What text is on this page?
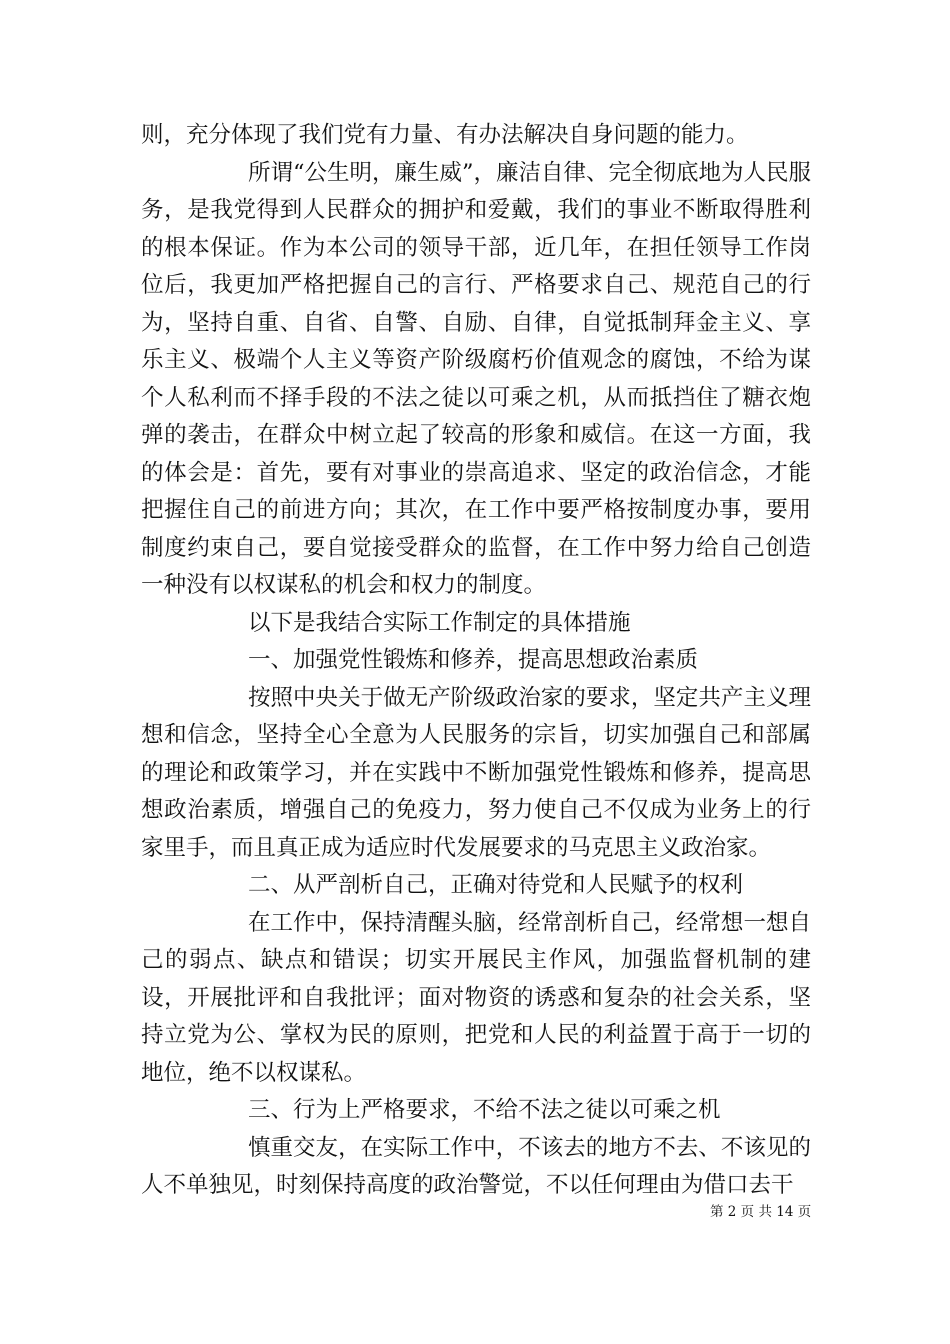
则，充分体现了我们党有力量、有办法解决自身问题的能力。

所谓“公生明，廉生威”，廉洁自律、完全彻底地为人民服务，是我党得到人民群众的拥护和爱戴，我们的事业不断取得胜利的根本保证。作为本公司的领导干部，近几年，在担任领导工作岗位后，我更加严格把握自己的言行、严格要求自己、规范自己的行为，坚持自重、自省、自警、自励、自律，自觉抵制拜金主义、享乐主义、极端个人主义等资产阶级腐朽价值观念的腐蚀，不给为谋个人私利而不择手段的不法之徒以可乘之机，从而抵挡住了糖衣炮弹的袭击，在群众中树立起了较高的形象和威信。在这一方面，我的体会是：首先，要有对事业的崇高追求、坚定的政治信念，才能把握住自己的前进方向；其次，在工作中要严格按制度办事，要用制度约束自己，要自觉接受群众的监督，在工作中努力给自己创造一种没有以权谋私的机会和权力的制度。

以下是我结合实际工作制定的具体措施

一、加强党性锻炼和修养，提高思想政治素质

按照中央关于做无产阶级政治家的要求，坚定共产主义理想和信念，坚持全心全意为人民服务的宗旨，切实加强自己和部属的理论和政策学习，并在实践中不断加强党性锻炼和修养，提高思想政治素质，增强自己的免疫力，努力使自己不仅成为业务上的行家里手，而且真正成为适应时代发展要求的马克思主义政治家。

二、从严剖析自己，正确对待党和人民赋予的权利

在工作中，保持清醒头脑，经常剖析自己，经常想一想自己的弱点、缺点和错误；切实开展民主作风，加强监督机制的建设，开展批评和自我批评；面对物资的诱惑和复杂的社会关系，坚持立党为公、掌权为民的原则，把党和人民的利益置于高于一切的地位，绝不以权谋私。

三、行为上严格要求，不给不法之徒以可乘之机

慎重交友，在实际工作中，不该去的地方不去、不该见的人不单独见，时刻保持高度的政治警觉，不以任何理由为借口去干

第 2 页 共 14 页
